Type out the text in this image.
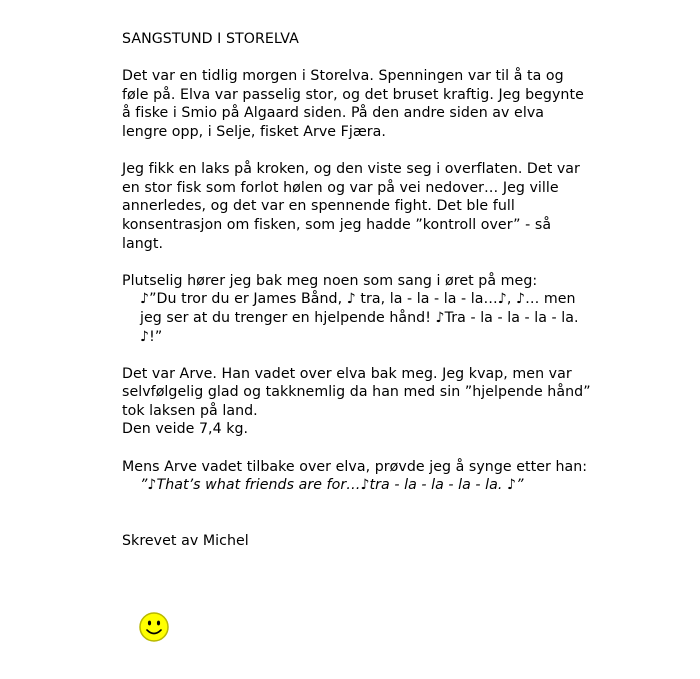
SANGSTUND I STORELVA

Det var en tidlig morgen i Storelva. Spenningen var til å ta og føle på. Elva var passelig stor, og det bruset kraftig. Jeg begynte å fiske i Smio på Algaard siden. På den andre siden av elva lengre opp, i Selje, fisket Arve Fjæra.

Jeg fikk en laks på kroken, og den viste seg i overflaten. Det var en stor fisk som forlot hølen og var på vei nedover… Jeg ville annerledes, og det var en spennende fight. Det ble full konsentrasjon om fisken, som jeg hadde ”kontroll over” - så langt.

Plutselig hører jeg bak meg noen som sang i øret på meg:

♪”Du tror du er James Bånd, ♪ tra, la - la - la - la…♪, ♪… men jeg ser at du trenger en hjelpende hånd! ♪Tra - la - la - la - la. ♪!”

Det var Arve. Han vadet over elva bak meg. Jeg kvap, men var selvfølgelig glad og takknemlig da han med sin ”hjelpende hånd” tok laksen på land.

Den veide 7,4 kg.

Mens Arve vadet tilbake over elva, prøvde jeg å synge etter han:

”♪That’s what friends are for…♪tra - la - la - la - la. ♪”

Skrevet av Michel
